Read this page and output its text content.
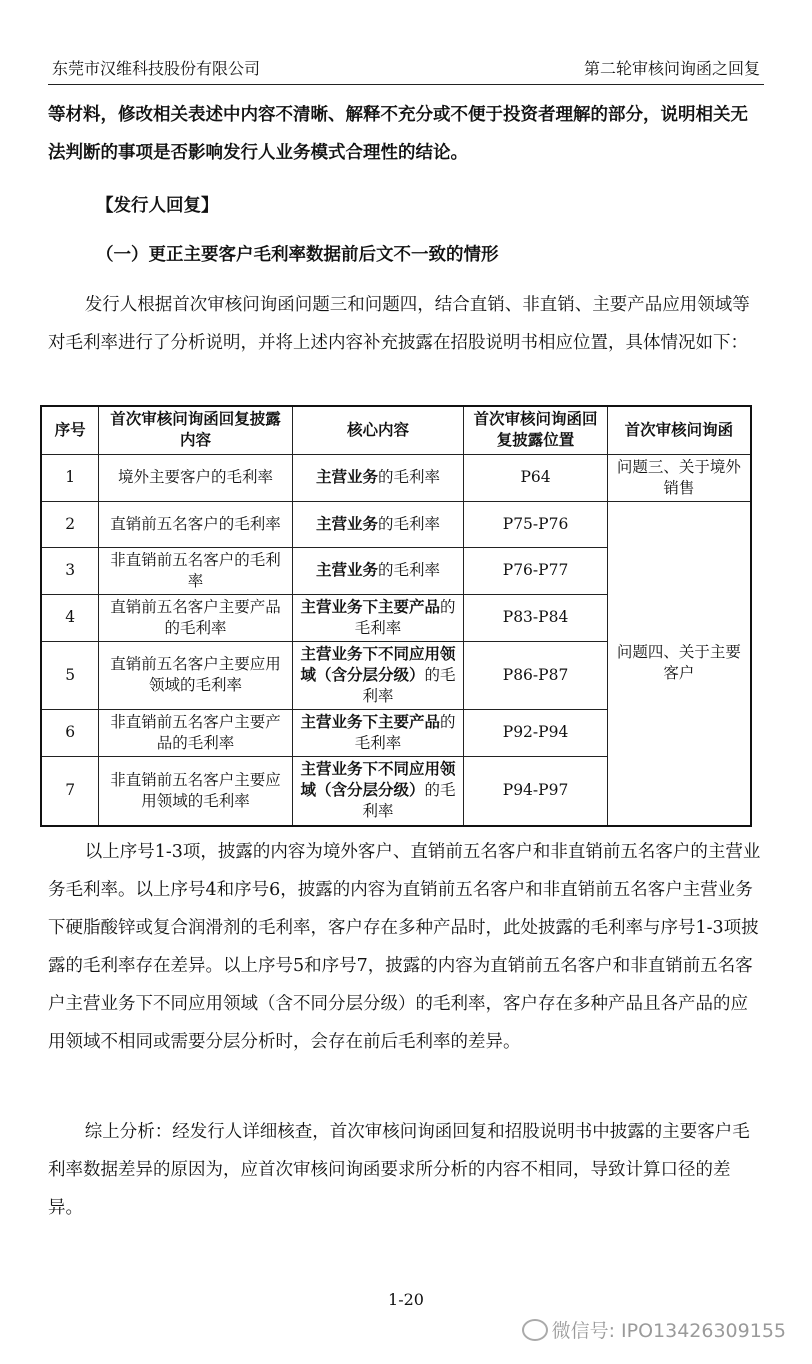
东莞市汉维科技股份有限公司	第二轮审核问询函之回复
等材料，修改相关表述中内容不清晰、解释不充分或不便于投资者理解的部分，说明相关无法判断的事项是否影响发行人业务模式合理性的结论。
【发行人回复】
（一）更正主要客户毛利率数据前后文不一致的情形
发行人根据首次审核问询函问题三和问题四，结合直销、非直销、主要产品应用领域等对毛利率进行了分析说明，并将上述内容补充披露在招股说明书相应位置，具体情况如下：
序号	首次审核问询函回复披露内容	核心内容	首次审核问询函回复披露位置	首次审核问询函
1	境外主要客户的毛利率	主营业务的毛利率	P64	问题三、关于境外销售
2	直销前五名客户的毛利率	主营业务的毛利率	P75-P76	问题四、关于主要客户
3	非直销前五名客户的毛利率	主营业务的毛利率	P76-P77	
4	直销前五名客户主要产品的毛利率	主营业务下主要产品的毛利率	P83-P84	
5	直销前五名客户主要应用领域的毛利率	主营业务下不同应用领域（含分层分级）的毛利率	P86-P87	
6	非直销前五名客户主要产品的毛利率	主营业务下主要产品的毛利率	P92-P94	
7	非直销前五名客户主要应用领域的毛利率	主营业务下不同应用领域（含分层分级）的毛利率	P94-P97	
以上序号1-3项，披露的内容为境外客户、直销前五名客户和非直销前五名客户的主营业务毛利率。以上序号4和序号6，披露的内容为直销前五名客户和非直销前五名客户主营业务下硬脂酸锌或复合润滑剂的毛利率，客户存在多种产品时，此处披露的毛利率与序号1-3项披露的毛利率存在差异。以上序号5和序号7，披露的内容为直销前五名客户和非直销前五名客户主营业务下不同应用领域（含不同分层分级）的毛利率，客户存在多种产品且各产品的应用领域不相同或需要分层分析时，会存在前后毛利率的差异。
综上分析：经发行人详细核查，首次审核问询函回复和招股说明书中披露的主要客户毛利率数据差异的原因为，应首次审核问询函要求所分析的内容不相同，导致计算口径的差异。
1-20
微信号: IPO13426309155
